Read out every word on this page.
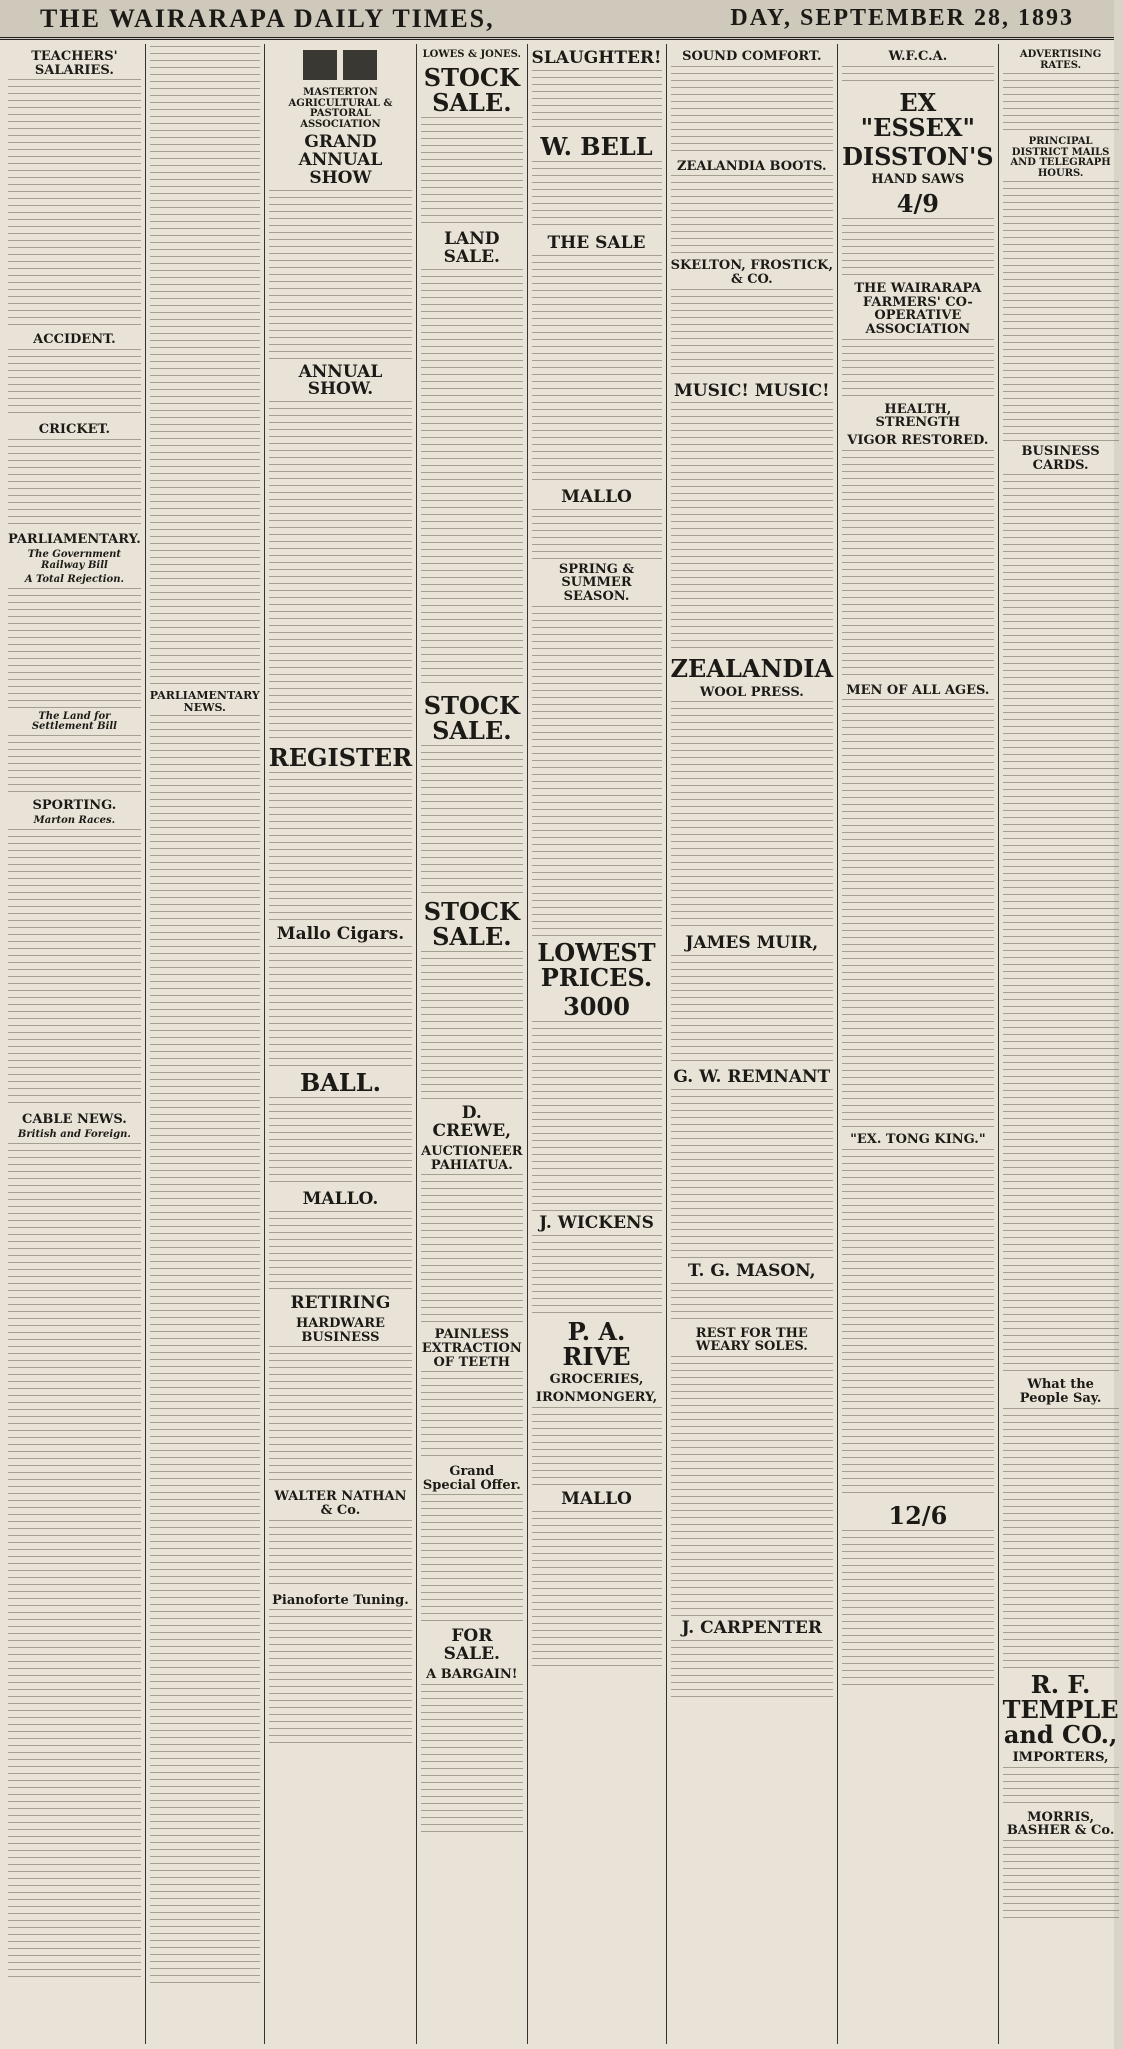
THE WAIRARAPA DAILY TIMES,	DAY, SEPTEMBER 28, 1893
TEACHERS' SALARIES.
ACCIDENT.
CRICKET.
PARLIAMENTARY.
The Government Railway Bill
A Total Rejection.
The Land for Settlement Bill
SPORTING.
Marton Races.
CABLE NEWS.
British and Foreign.
PARLIAMENTARY NEWS.
MASTERTON AGRICULTURAL & PASTORAL ASSOCIATION
GRAND ANNUAL SHOW
ANNUAL SHOW.
REGISTER
Mallo Cigars.
BALL.
MALLO.
RETIRING
HARDWARE BUSINESS
WALTER NATHAN & Co.
Pianoforte Tuning.
LOWES & JONES.
STOCK SALE.
LAND SALE.
STOCK SALE.
STOCK SALE.
D. CREWE,
AUCTIONEER PAHIATUA.
PAINLESS EXTRACTION OF TEETH
Grand Special Offer.
FOR SALE.
A BARGAIN!
SLAUGHTER!
W. BELL
THE SALE
MALLO
SPRING & SUMMER SEASON.
LOWEST PRICES.
3000
J. WICKENS
P. A. RIVE
GROCERIES,
IRONMONGERY,
MALLO
SOUND COMFORT.
ZEALANDIA BOOTS.
SKELTON, FROSTICK, & CO.
MUSIC! MUSIC!
ZEALANDIA
WOOL PRESS.
JAMES MUIR,
G. W. REMNANT
T. G. MASON,
REST FOR THE WEARY SOLES.
J. CARPENTER
W.F.C.A.
EX "ESSEX"
DISSTON'S
HAND SAWS
4/9
THE WAIRARAPA FARMERS' CO-OPERATIVE ASSOCIATION
HEALTH, STRENGTH
VIGOR RESTORED.
MEN OF ALL AGES.
"EX. TONG KING."
12/6
ADVERTISING RATES.
PRINCIPAL DISTRICT MAILS AND TELEGRAPH HOURS.
BUSINESS CARDS.
What the People Say.
R. F. TEMPLE and CO.,
IMPORTERS,
MORRIS, BASHER & Co.
